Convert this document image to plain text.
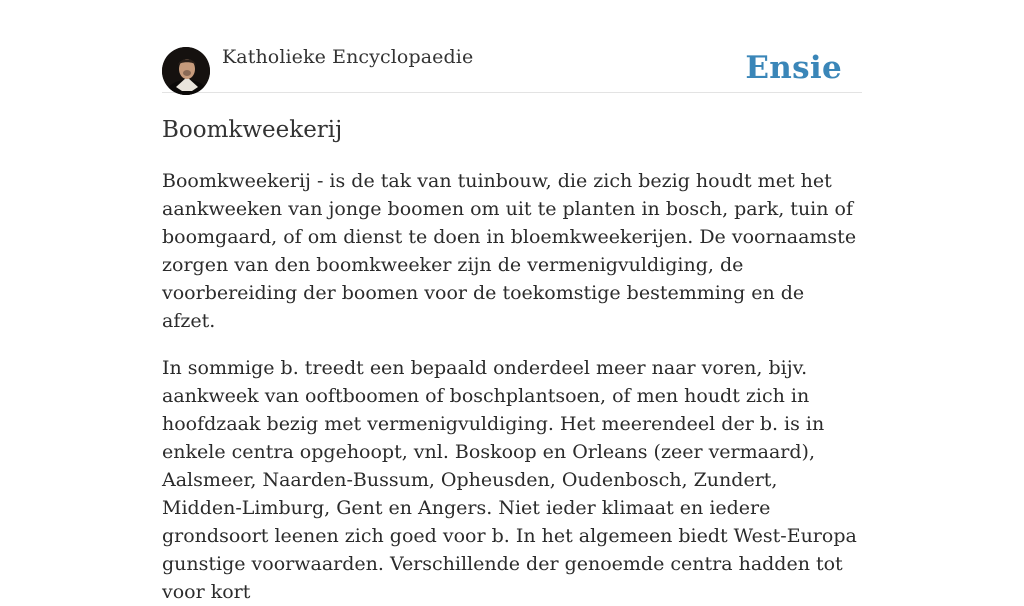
Katholieke Encyclopaedie	Ensie
Boomkweekerij

Boomkweekerij - is de tak van tuinbouw, die zich bezig houdt met het aankweeken van jonge boomen om uit te planten in bosch, park, tuin of boomgaard, of om dienst te doen in bloemkweekerijen. De voornaamste zorgen van den boomkweeker zijn de vermenigvuldiging, de voorbereiding der boomen voor de toekomstige bestemming en de afzet.

In sommige b. treedt een bepaald onderdeel meer naar voren, bijv. aankweek van ooftboomen of boschplantsoen, of men houdt zich in hoofdzaak bezig met vermenigvuldiging. Het meerendeel der b. is in enkele centra opgehoopt, vnl. Boskoop en Orleans (zeer vermaard), Aalsmeer, Naarden-Bussum, Opheusden, Oudenbosch, Zundert, Midden-Limburg, Gent en Angers. Niet ieder klimaat en iedere grondsoort leenen zich goed voor b. In het algemeen biedt West-Europa gunstige voorwaarden. Verschillende der genoemde centra hadden tot voor kort
